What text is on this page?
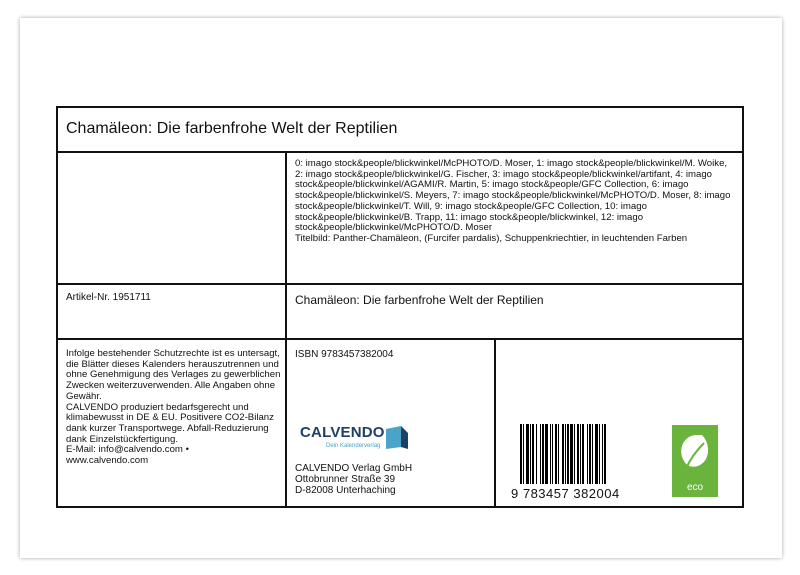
Chamäleon: Die farbenfrohe Welt der Reptilien
0: imago stock&people/blickwinkel/McPHOTO/D. Moser, 1: imago stock&people/blickwinkel/M. Woike, 2: imago stock&people/blickwinkel/G. Fischer, 3: imago stock&people/blickwinkel/artifant, 4: imago stock&people/blickwinkel/AGAMI/R. Martin, 5: imago stock&people/GFC Collection, 6: imago stock&people/blickwinkel/S. Meyers, 7: imago stock&people/blickwinkel/McPHOTO/D. Moser, 8: imago stock&people/blickwinkel/T. Will, 9: imago stock&people/GFC Collection, 10: imago stock&people/blickwinkel/B. Trapp, 11: imago stock&people/blickwinkel, 12: imago stock&people/blickwinkel/McPHOTO/D. Moser
Titelbild: Panther-Chamäleon, (Furcifer pardalis), Schuppenkriechtier, in leuchtenden Farben
Artikel-Nr. 1951711	Chamäleon: Die farbenfrohe Welt der Reptilien
Infolge bestehender Schutzrechte ist es untersagt, die Blätter dieses Kalenders herauszutrennen und ohne Genehmigung des Verlages zu gewerblichen Zwecken weiterzuverwenden. Alle Angaben ohne Gewähr.
CALVENDO produziert bedarfsgerecht und klimabewusst in DE & EU. Positivere CO2-Bilanz dank kurzer Transportwege. Abfall-Reduzierung dank Einzelstückfertigung.
E-Mail: info@calvendo.com •
www.calvendo.com
ISBN 9783457382004
CALVENDO
Dein Kalenderverlag
CALVENDO Verlag GmbH
Ottobrunner Straße 39
D-82008 Unterhaching	9 783457 382004	eco
